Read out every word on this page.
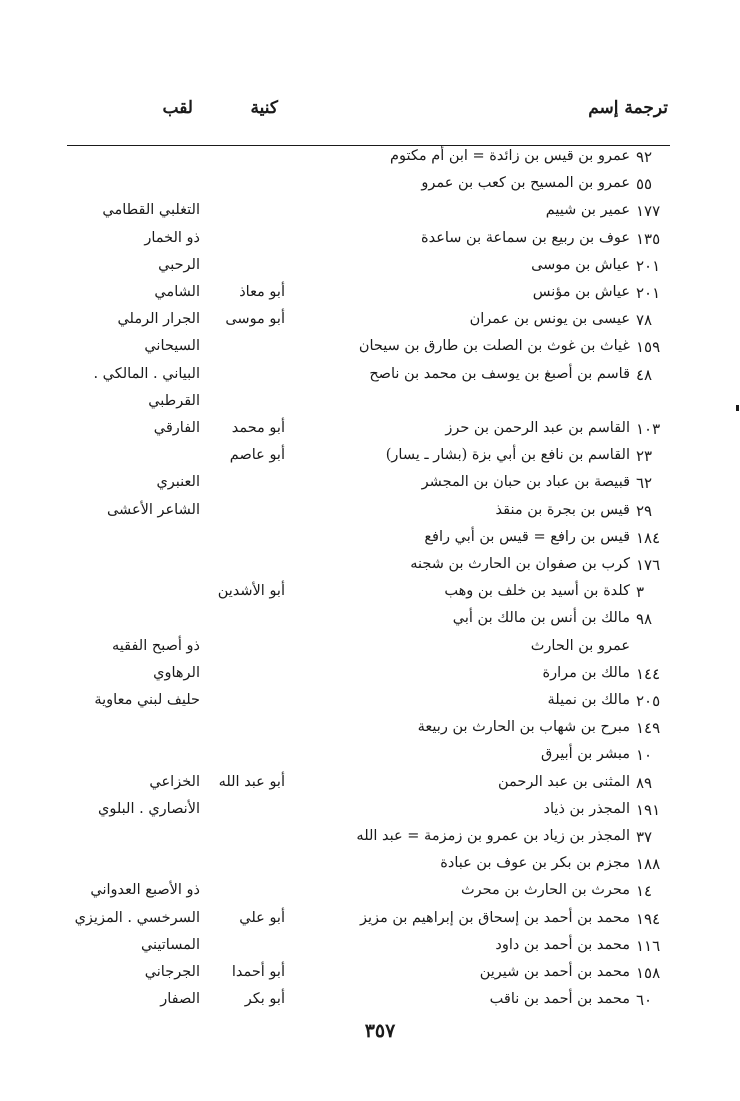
ترجمة إسم
كنية
لقب
٩٢
عمرو بن قيس بن زائدة = ابن أم مكتوم
٥٥
عمرو بن المسيح بن كعب بن عمرو
١٧٧
عمير بن شييم
التغلبي القطامي
١٣٥
عوف بن ربيع بن سماعة بن ساعدة
ذو الخمار
٢٠١
عياش بن موسى
الرحبي
٢٠١
عياش بن مؤنس
أبو معاذ
الشامي
٧٨
عيسى بن يونس بن عمران
أبو موسى
الجرار الرملي
١٥٩
غياث بن غوث بن الصلت بن طارق بن سيحان
السيحاني
٤٨
قاسم بن أصبغ بن يوسف بن محمد بن ناصح
البياني . المالكي .
القرطبي
١٠٣
القاسم بن عبد الرحمن بن حرز
أبو محمد
الفارقي
٢٣
القاسم بن نافع بن أبي بزة (بشار ـ يسار)
أبو عاصم
٦٢
قبيصة بن عباد بن حبان بن المجشر
العنبري
٢٩
قيس بن بجرة بن منقذ
الشاعر الأعشى
١٨٤
قيس بن رافع = قيس بن أبي رافع
١٧٦
كرب بن صفوان بن الحارث بن شجنه
٣
كلدة بن أسيد بن خلف بن وهب
أبو الأشدين
٩٨
مالك بن أنس بن مالك بن أبي
عمرو بن الحارث
ذو أصبح الفقيه
١٤٤
مالك بن مرارة
الرهاوي
٢٠٥
مالك بن نميلة
حليف لبني معاوية
١٤٩
مبرح بن شهاب بن الحارث بن ربيعة
١٠
مبشر بن أبيرق
٨٩
المثنى بن عبد الرحمن
أبو عبد الله
الخزاعي
١٩١
المجذر بن ذياد
الأنصاري . البلوي
٣٧
المجذر بن زياد بن عمرو بن زمزمة = عبد الله
١٨٨
مجزم بن بكر بن عوف بن عبادة
١٤
محرث بن الحارث بن محرث
ذو الأصبع العدواني
١٩٤
محمد بن أحمد بن إسحاق بن إبراهيم بن مزيز
أبو علي
السرخسي . المزيزي
١١٦
محمد بن أحمد بن داود
المساتيني
١٥٨
محمد بن أحمد بن شيرين
أبو أحمدا
الجرجاني
٦٠
محمد بن أحمد بن ناقب
أبو بكر
الصفار
٣٥٧
